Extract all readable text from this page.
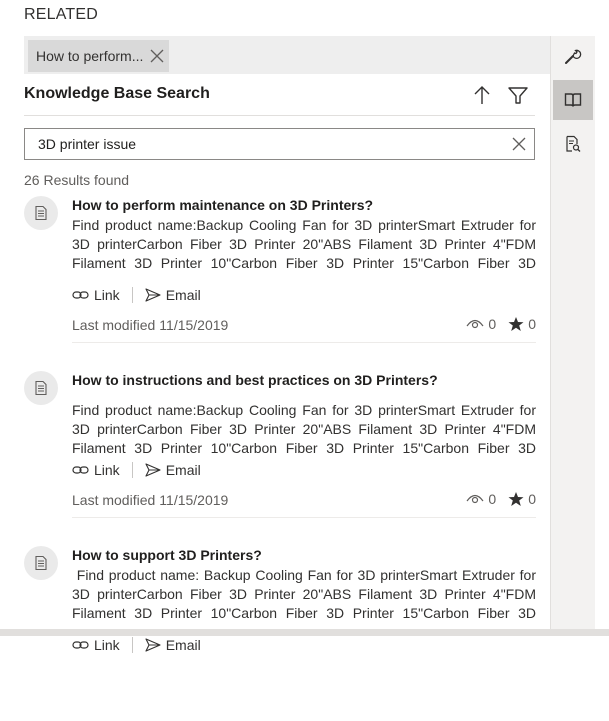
RELATED
How to perform...
Knowledge Base Search
3D printer issue
26 Results found
How to perform maintenance on 3D Printers?
Find product name:Backup Cooling Fan for 3D printerSmart Extruder for 3D printerCarbon Fiber 3D Printer 20"ABS Filament 3D Printer 4"FDM Filament 3D Printer 10"Carbon Fiber 3D Printer 15"Carbon Fiber 3D
Link	Email
Last modified 11/15/2019	0 0
How to instructions and best practices on 3D Printers?
Find product name:Backup Cooling Fan for 3D printerSmart Extruder for 3D printerCarbon Fiber 3D Printer 20"ABS Filament 3D Printer 4"FDM Filament 3D Printer 10"Carbon Fiber 3D Printer 15"Carbon Fiber 3D
Link	Email
Last modified 11/15/2019	0 0
How to support 3D Printers?
Find product name: Backup Cooling Fan for 3D printerSmart Extruder for 3D printerCarbon Fiber 3D Printer 20"ABS Filament 3D Printer 4"FDM Filament 3D Printer 10"Carbon Fiber 3D Printer 15"Carbon Fiber 3D
Link	Email
